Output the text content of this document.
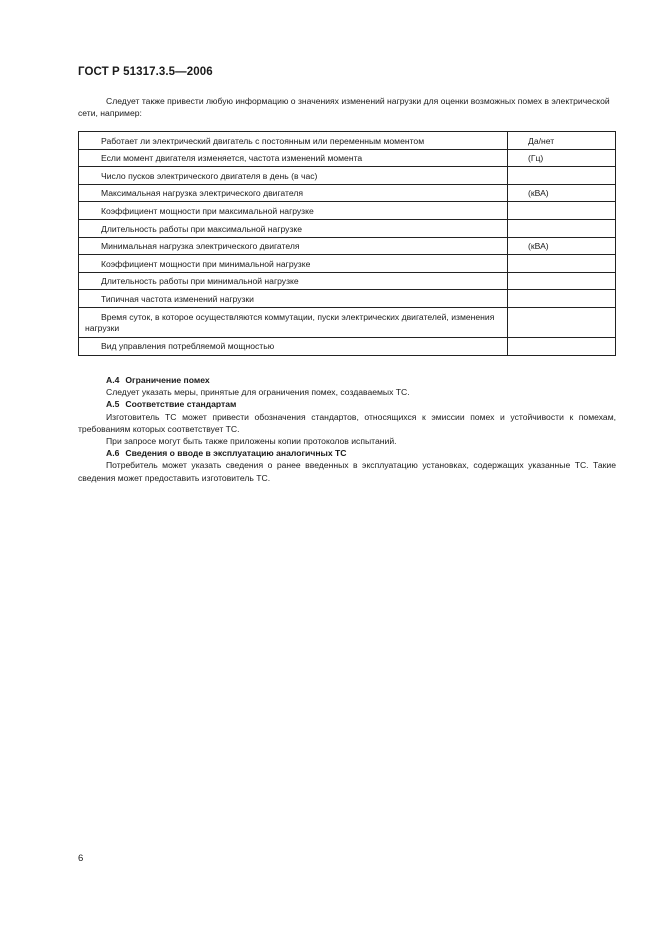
ГОСТ Р 51317.3.5—2006
Следует также привести любую информацию о значениях изменений нагрузки для оценки возможных помех в электрической сети, например:
Работает ли электрический двигатель с постоянным или переменным моментом	Да/нет
Если момент двигателя изменяется, частота изменений момента	(Гц)
Число пусков электрического двигателя в день (в час)	
Максимальная нагрузка электрического двигателя	(кВА)
Коэффициент мощности при максимальной нагрузке	
Длительность работы при максимальной нагрузке	
Минимальная нагрузка электрического двигателя	(кВА)
Коэффициент мощности при минимальной нагрузке	
Длительность работы при минимальной нагрузке	
Типичная частота изменений нагрузки	
Время суток, в которое осуществляются коммутации, пуски электрических двигателей, изменения нагрузки	
Вид управления потребляемой мощностью	

А.4 Ограничение помех

Следует указать меры, принятые для ограничения помех, создаваемых ТС.

А.5 Соответствие стандартам

Изготовитель ТС может привести обозначения стандартов, относящихся к эмиссии помех и устойчивости к помехам, требованиям которых соответствует ТС.

При запросе могут быть также приложены копии протоколов испытаний.

А.6 Сведения о вводе в эксплуатацию аналогичных ТС

Потребитель может указать сведения о ранее введенных в эксплуатацию установках, содержащих указанные ТС. Такие сведения может предоставить изготовитель ТС.

6
